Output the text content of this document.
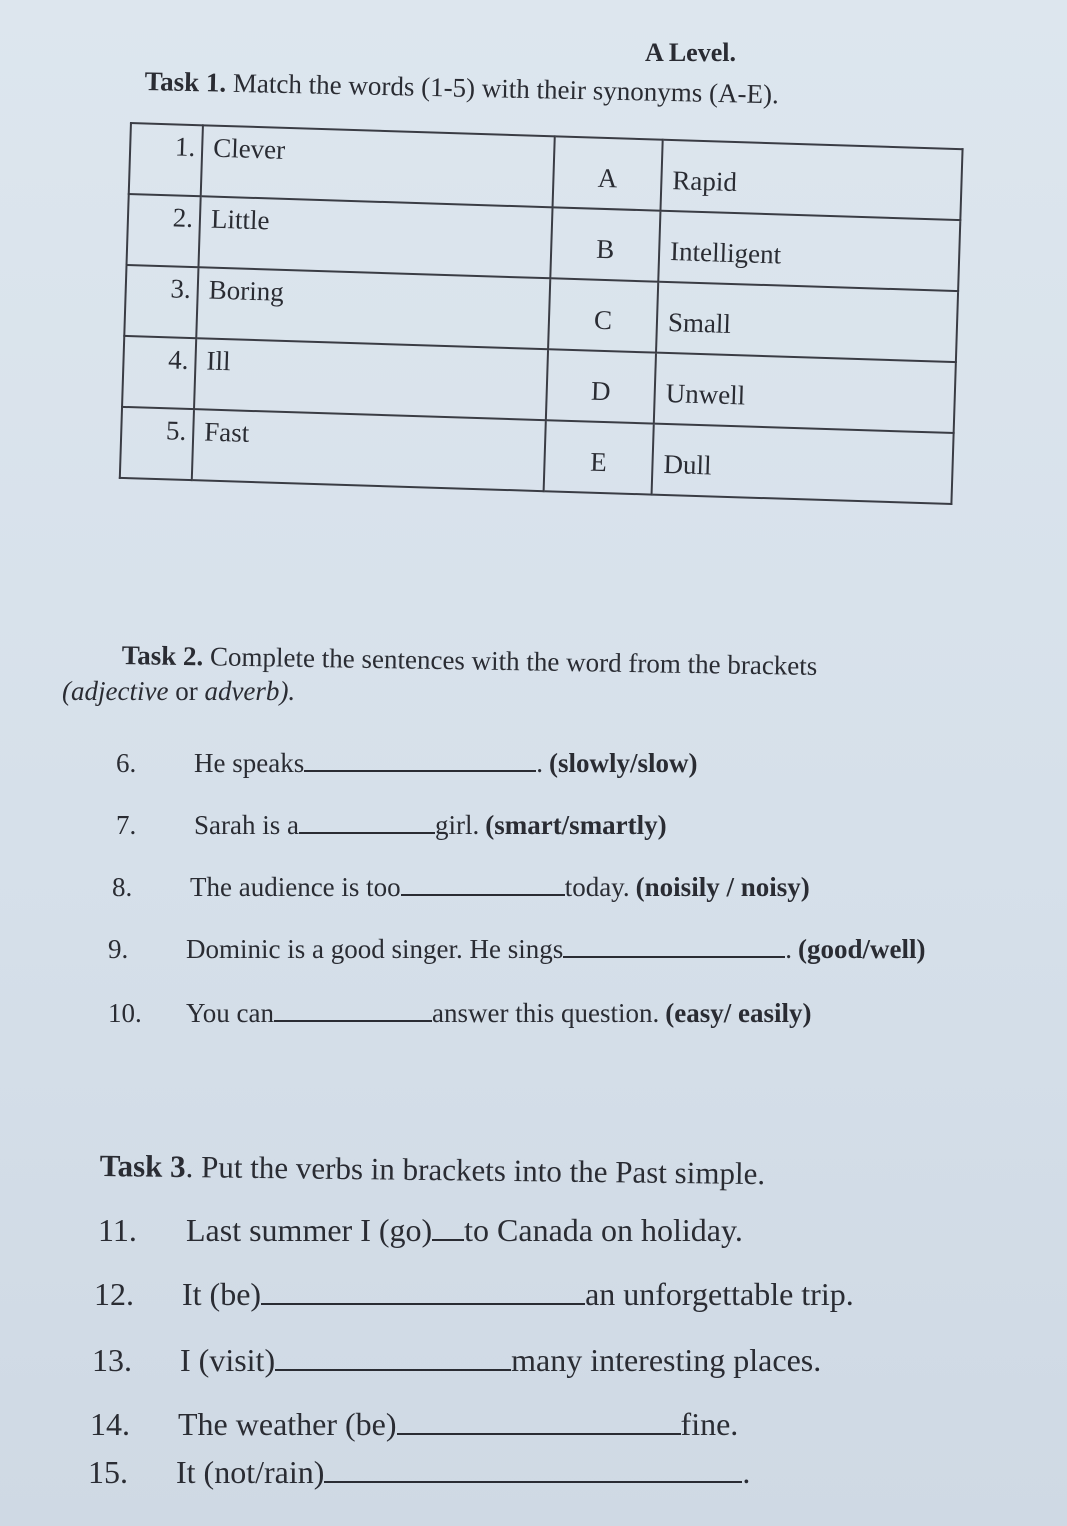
A Level.
Task 1. Match the words (1-5) with their synonyms (A-E).
1.	Clever	A	Rapid
2.	Little	B	Intelligent
3.	Boring	C	Small
4.	Ill	D	Unwell
5.	Fast	E	Dull
Task 2. Complete the sentences with the word from the brackets
(adjective or adverb).
6.	He speaks	. (slowly/slow)
7.	Sarah is a	girl. (smart/smartly)
8.	The audience is too	today. (noisily / noisy)
9.	Dominic is a good singer. He sings	. (good/well)
10.	You can	answer this question. (easy/ easily)
Task 3. Put the verbs in brackets into the Past simple.
11.	Last summer I (go) to Canada on holiday.
12.	It (be)	an unforgettable trip.
13.	I (visit)	many interesting places.
14.	The weather (be)	fine.
15.	It (not/rain)	.
